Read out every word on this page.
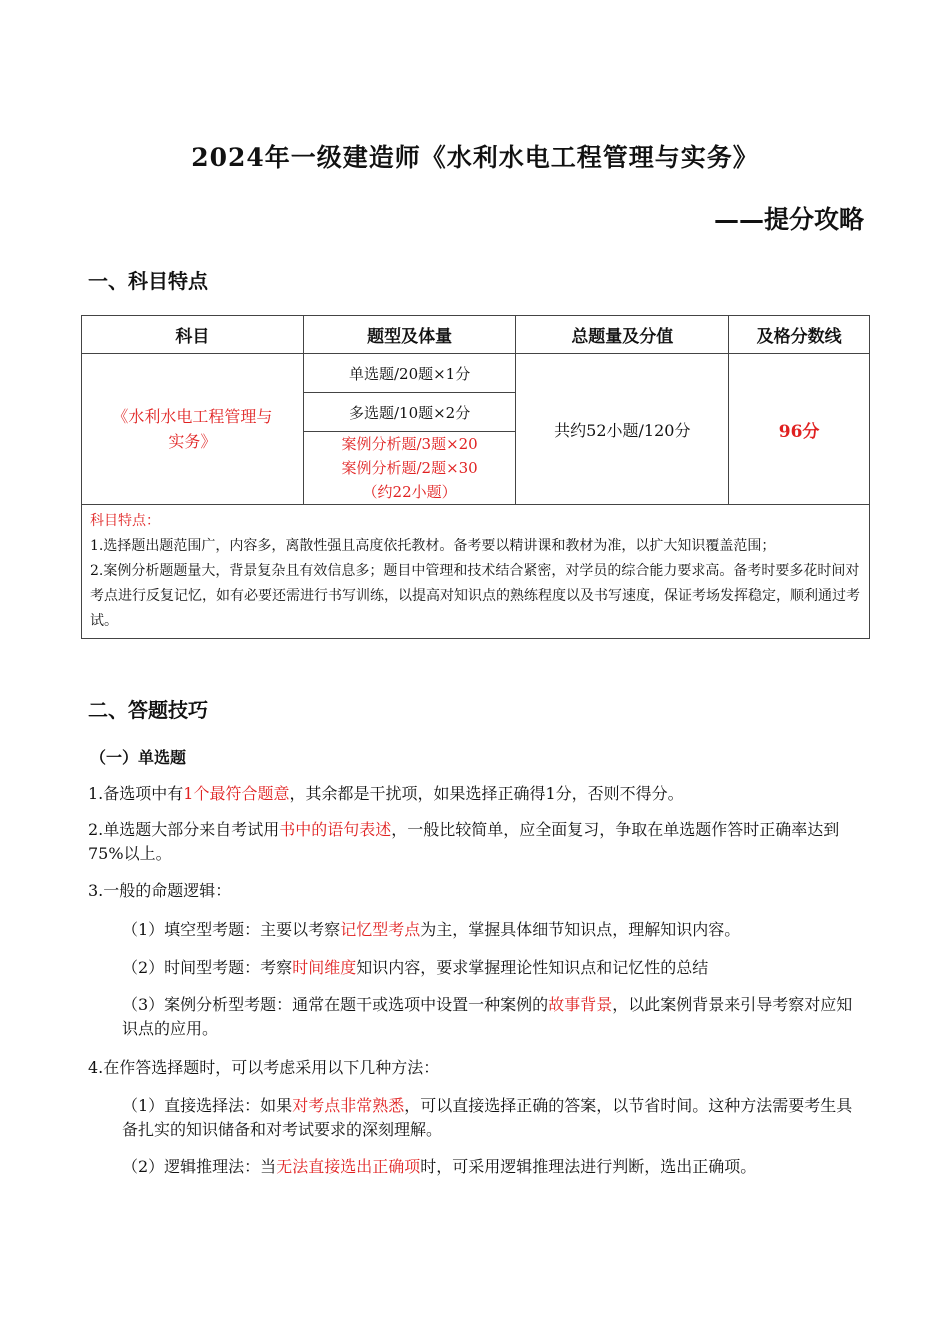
2024年一级建造师《水利水电工程管理与实务》
——提分攻略
一、科目特点
科目	题型及体量	总题量及分值	及格分数线
《水利水电工程管理与实务》	单选题/20题×1分	共约52小题/120分	96分
	多选题/10题×2分		

	案例分析题/3题×20
案例分析题/2题×30
（约22小题）		

科目特点：
1.选择题出题范围广，内容多，离散性强且高度依托教材。备考要以精讲课和教材为准，以扩大知识覆盖范围；
2.案例分析题题量大，背景复杂且有效信息多；题目中管理和技术结合紧密，对学员的综合能力要求高。备考时要多花时间对考点进行反复记忆，如有必要还需进行书写训练，以提高对知识点的熟练程度以及书写速度，保证考场发挥稳定，顺利通过考试。			
二、答题技巧
（一）单选题
1.备选项中有1个最符合题意，其余都是干扰项，如果选择正确得1分，否则不得分。
2.单选题大部分来自考试用书中的语句表述，一般比较简单，应全面复习，争取在单选题作答时正确率达到75%以上。
3.一般的命题逻辑：
（1）填空型考题：主要以考察记忆型考点为主，掌握具体细节知识点，理解知识内容。
（2）时间型考题：考察时间维度知识内容，要求掌握理论性知识点和记忆性的总结
（3）案例分析型考题：通常在题干或选项中设置一种案例的故事背景，以此案例背景来引导考察对应知识点的应用。
4.在作答选择题时，可以考虑采用以下几种方法：
（1）直接选择法：如果对考点非常熟悉，可以直接选择正确的答案，以节省时间。这种方法需要考生具备扎实的知识储备和对考试要求的深刻理解。
（2）逻辑推理法：当无法直接选出正确项时，可采用逻辑推理法进行判断，选出正确项。
